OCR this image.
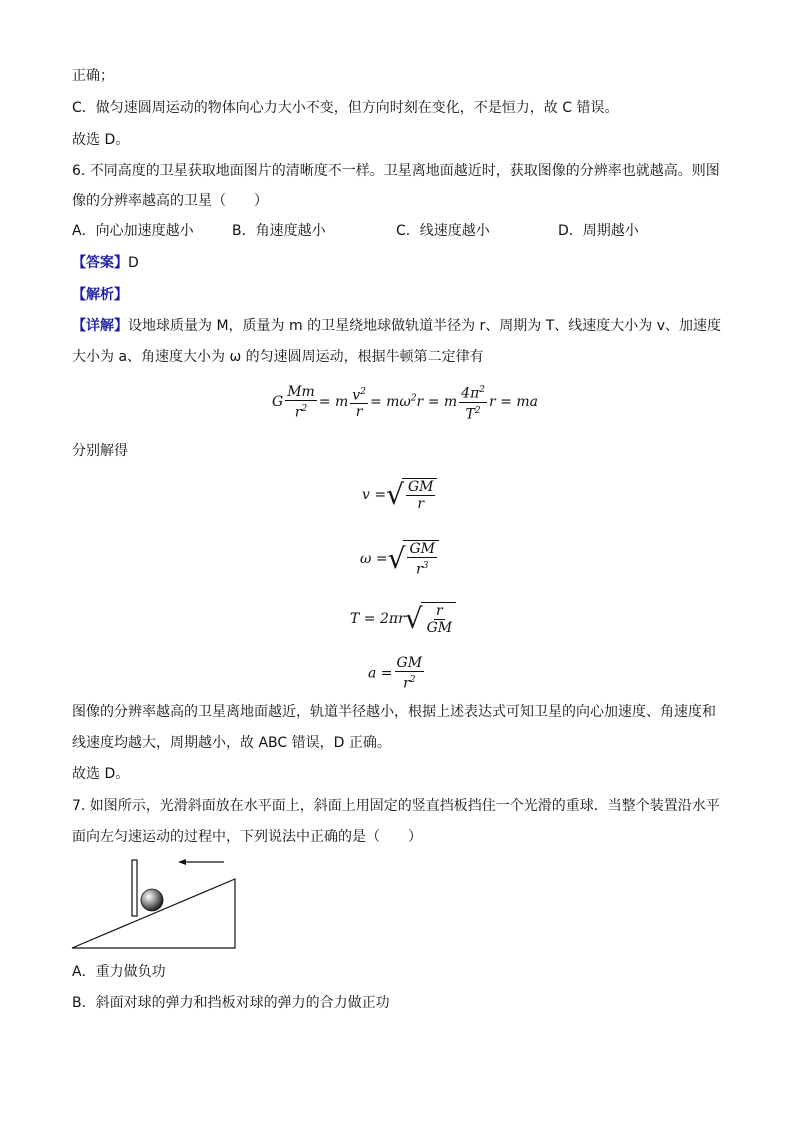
正确；
C．做匀速圆周运动的物体向心力大小不变，但方向时刻在变化，不是恒力，故 C 错误。
故选 D。
6. 不同高度的卫星获取地面图片的清晰度不一样。卫星离地面越近时，获取图像的分辨率也就越高。则图
像的分辨率越高的卫星（　　）
A．向心加速度越小	B．角速度越小	C．线速度越小	D．周期越小
【答案】D
【解析】
【详解】设地球质量为 M，质量为 m 的卫星绕地球做轨道半径为 r、周期为 T、线速度大小为 v、加速度
大小为 a、角速度大小为 ω 的匀速圆周运动，根据牛顿第二定律有
G $\frac{Mm}{r^2} = m \frac{v^2}{r} = m\omega^2r = m \frac{4\pi^2}{T^2}$ r = ma
分别解得
v = √ $\frac{GM}{r}$
ω = √ $\frac{GM}{r^3}$
T = 2πr √ $\frac{r}{GM}$
$a = \frac{GM}{r^2}$
图像的分辨率越高的卫星离地面越近，轨道半径越小，根据上述表达式可知卫星的向心加速度、角速度和
线速度均越大，周期越小，故 ABC 错误，D 正确。
故选 D。
7. 如图所示，光滑斜面放在水平面上，斜面上用固定的竖直挡板挡住一个光滑的重球．当整个装置沿水平
面向左匀速运动的过程中，下列说法中正确的是（　　）
A．重力做负功
B．斜面对球的弹力和挡板对球的弹力的合力做正功
